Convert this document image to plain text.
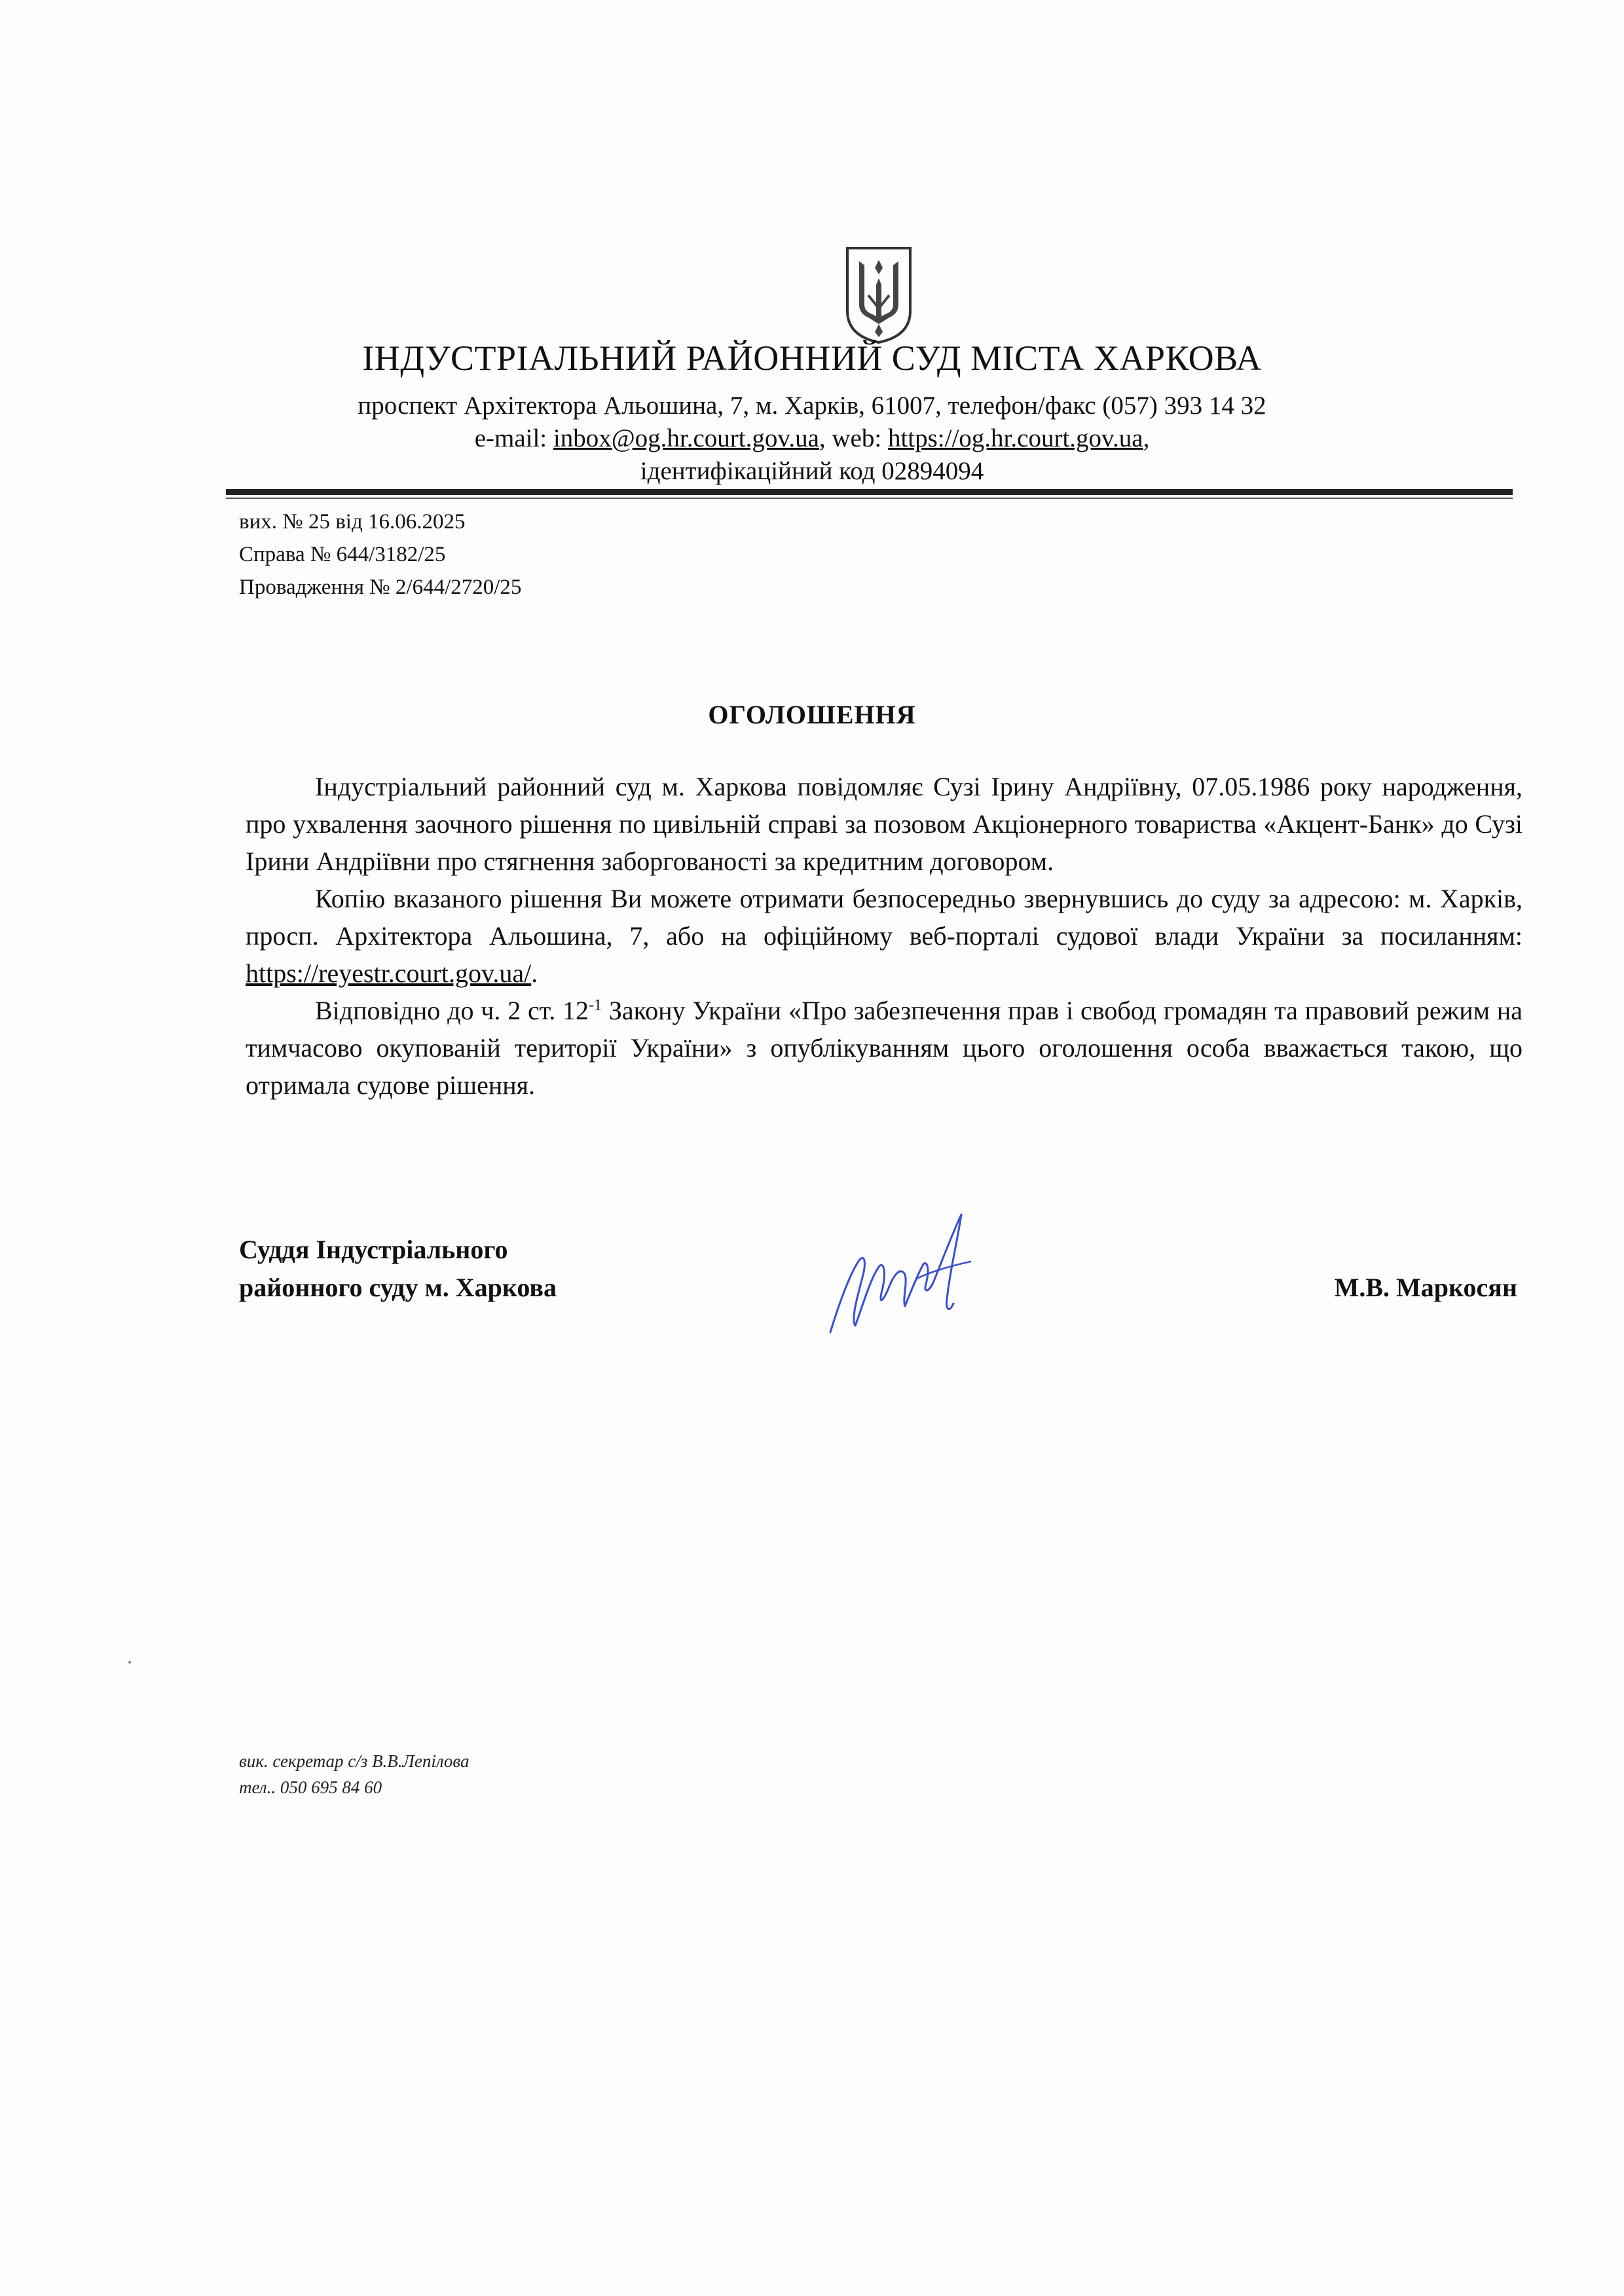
ІНДУСТРІАЛЬНИЙ РАЙОННИЙ СУД МІСТА ХАРКОВА
проспект Архітектора Альошина, 7, м. Харків, 61007, телефон/факс (057) 393 14 32
e-mail: inbox@og.hr.court.gov.ua, web: https://og.hr.court.gov.ua,
ідентифікаційний код 02894094
вих. № 25 від 16.06.2025
Справа № 644/3182/25
Провадження № 2/644/2720/25
ОГОЛОШЕННЯ

Індустріальний районний суд м. Харкова повідомляє Сузі Ірину Андріївну, 07.05.1986 року народження, про ухвалення заочного рішення по цивільній справі за позовом Акціонерного товариства «Акцент-Банк» до Сузі Ірини Андріївни про стягнення заборгованості за кредитним договором.

Копію вказаного рішення Ви можете отримати безпосередньо звернувшись до суду за адресою: м. Харків, просп. Архітектора Альошина, 7, або на офіційному веб-порталі судової влади України за посиланням: https://reyestr.court.gov.ua/.

Відповідно до ч. 2 ст. $12^{-1}$ Закону України «Про забезпечення прав і свобод громадян та правовий режим на тимчасово окупованій території України» з опублікуванням цього оголошення особа вважається такою, що отримала судове рішення.

Суддя Індустріального
районного суду м. Харкова	М.В. Маркосян
вик. секретар с/з В.В.Лепілова
тел.. 050 695 84 60
